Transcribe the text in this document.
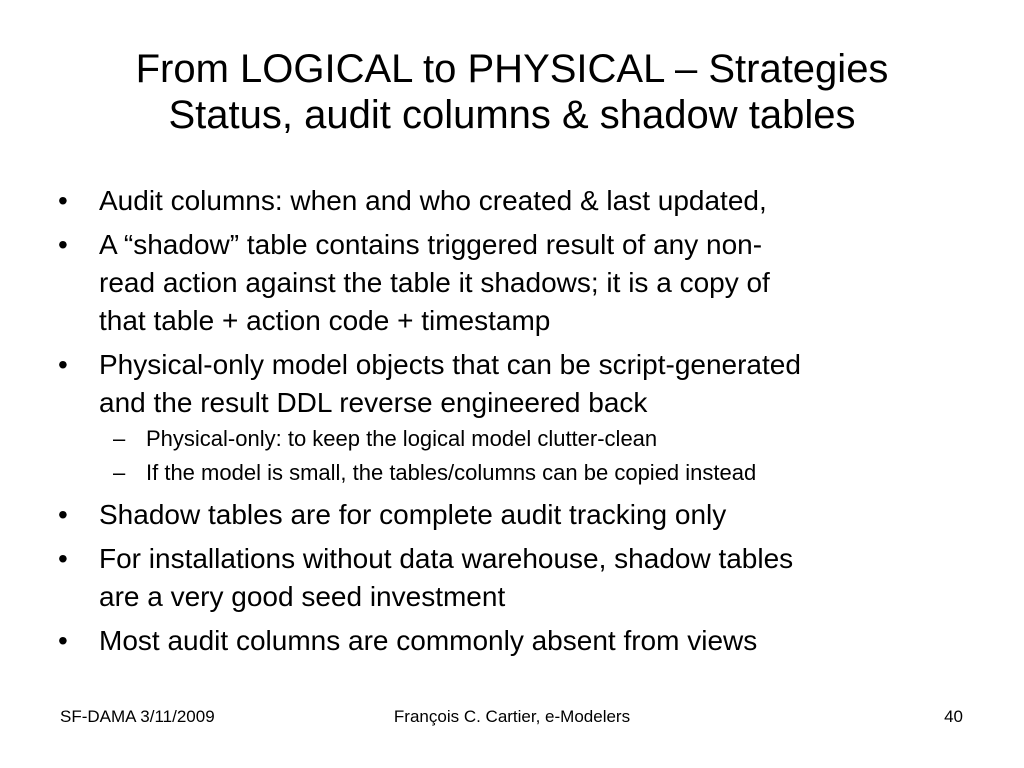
From LOGICAL to PHYSICAL – Strategies
Status, audit columns & shadow tables
• Audit columns: when and who created & last updated,
• A “shadow” table contains triggered result of any non-
read action against the table it shadows; it is a copy of
that table + action code + timestamp
• Physical-only model objects that can be script-generated
and the result DDL reverse engineered back
– Physical-only: to keep the logical model clutter-clean
– If the model is small, the tables/columns can be copied instead
• Shadow tables are for complete audit tracking only
• For installations without data warehouse, shadow tables
are a very good seed investment
• Most audit columns are commonly absent from views
SF-DAMA 3/11/2009	François C. Cartier, e-Modelers	40
